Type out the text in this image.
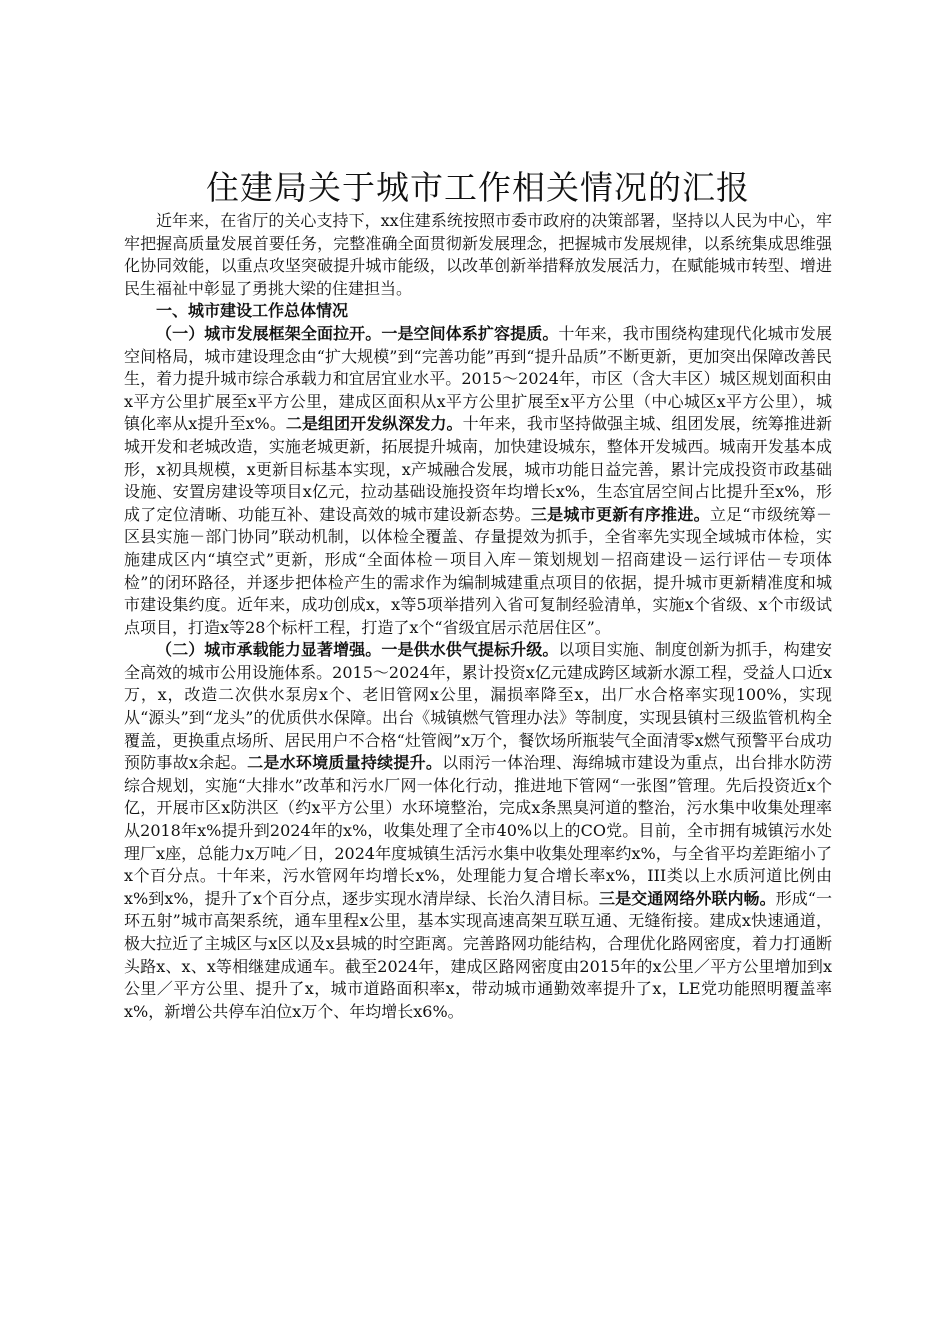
住建局关于城市工作相关情况的汇报

近年来，在省厅的关心支持下，xx住建系统按照市委市政府的决策部署，坚持以人民为中心，牢牢把握高质量发展首要任务，完整准确全面贯彻新发展理念，把握城市发展规律，以系统集成思维强化协同效能，以重点攻坚突破提升城市能级，以改革创新举措释放发展活力，在赋能城市转型、增进民生福祉中彰显了勇挑大梁的住建担当。

一、城市建设工作总体情况

（一）城市发展框架全面拉开。一是空间体系扩容提质。十年来，我市围绕构建现代化城市发展空间格局，城市建设理念由“扩大规模”到“完善功能”再到“提升品质”不断更新，更加突出保障改善民生，着力提升城市综合承载力和宜居宜业水平。2015～2024年，市区（含大丰区）城区规划面积由x平方公里扩展至x平方公里，建成区面积从x平方公里扩展至x平方公里（中心城区x平方公里），城镇化率从x提升至x%。二是组团开发纵深发力。十年来，我市坚持做强主城、组团发展，统筹推进新城开发和老城改造，实施老城更新，拓展提升城南，加快建设城东，整体开发城西。城南开发基本成形，x初具规模，x更新目标基本实现，x产城融合发展，城市功能日益完善，累计完成投资市政基础设施、安置房建设等项目x亿元，拉动基础设施投资年均增长x%，生态宜居空间占比提升至x%，形成了定位清晰、功能互补、建设高效的城市建设新态势。三是城市更新有序推进。立足“市级统筹－区县实施－部门协同”联动机制，以体检全覆盖、存量提效为抓手，全省率先实现全域城市体检，实施建成区内“填空式”更新，形成“全面体检－项目入库－策划规划－招商建设－运行评估－专项体检”的闭环路径，并逐步把体检产生的需求作为编制城建重点项目的依据，提升城市更新精准度和城市建设集约度。近年来，成功创成x，x等5项举措列入省可复制经验清单，实施x个省级、x个市级试点项目，打造x等28个标杆工程，打造了x个“省级宜居示范居住区”。

（二）城市承载能力显著增强。一是供水供气提标升级。以项目实施、制度创新为抓手，构建安全高效的城市公用设施体系。2015～2024年，累计投资x亿元建成跨区域新水源工程，受益人口近x万，x，改造二次供水泵房x个、老旧管网x公里，漏损率降至x，出厂水合格率实现100%，实现从“源头”到“龙头”的优质供水保障。出台《城镇燃气管理办法》等制度，实现县镇村三级监管机构全覆盖，更换重点场所、居民用户不合格“灶管阀”x万个，餐饮场所瓶装气全面清零x燃气预警平台成功预防事故x余起。二是水环境质量持续提升。以雨污一体治理、海绵城市建设为重点，出台排水防涝综合规划，实施“大排水”改革和污水厂网一体化行动，推进地下管网“一张图”管理。先后投资近x个亿，开展市区x防洪区（约x平方公里）水环境整治，完成x条黑臭河道的整治，污水集中收集处理率从2018年x%提升到2024年的x%，收集处理了全市40%以上的CO党。目前，全市拥有城镇污水处理厂x座，总能力x万吨／日，2024年度城镇生活污水集中收集处理率约x%，与全省平均差距缩小了x个百分点。十年来，污水管网年均增长x%，处理能力复合增长率x%，III类以上水质河道比例由x%到x%，提升了x个百分点，逐步实现水清岸绿、长治久清目标。三是交通网络外联内畅。形成“一环五射”城市高架系统，通车里程x公里，基本实现高速高架互联互通、无缝衔接。建成x快速通道，极大拉近了主城区与x区以及x县城的时空距离。完善路网功能结构，合理优化路网密度，着力打通断头路x、x、x等相继建成通车。截至2024年，建成区路网密度由2015年的x公里／平方公里增加到x公里／平方公里、提升了x，城市道路面积率x，带动城市通勤效率提升了x，LE党功能照明覆盖率x%，新增公共停车泊位x万个、年均增长x6%。
